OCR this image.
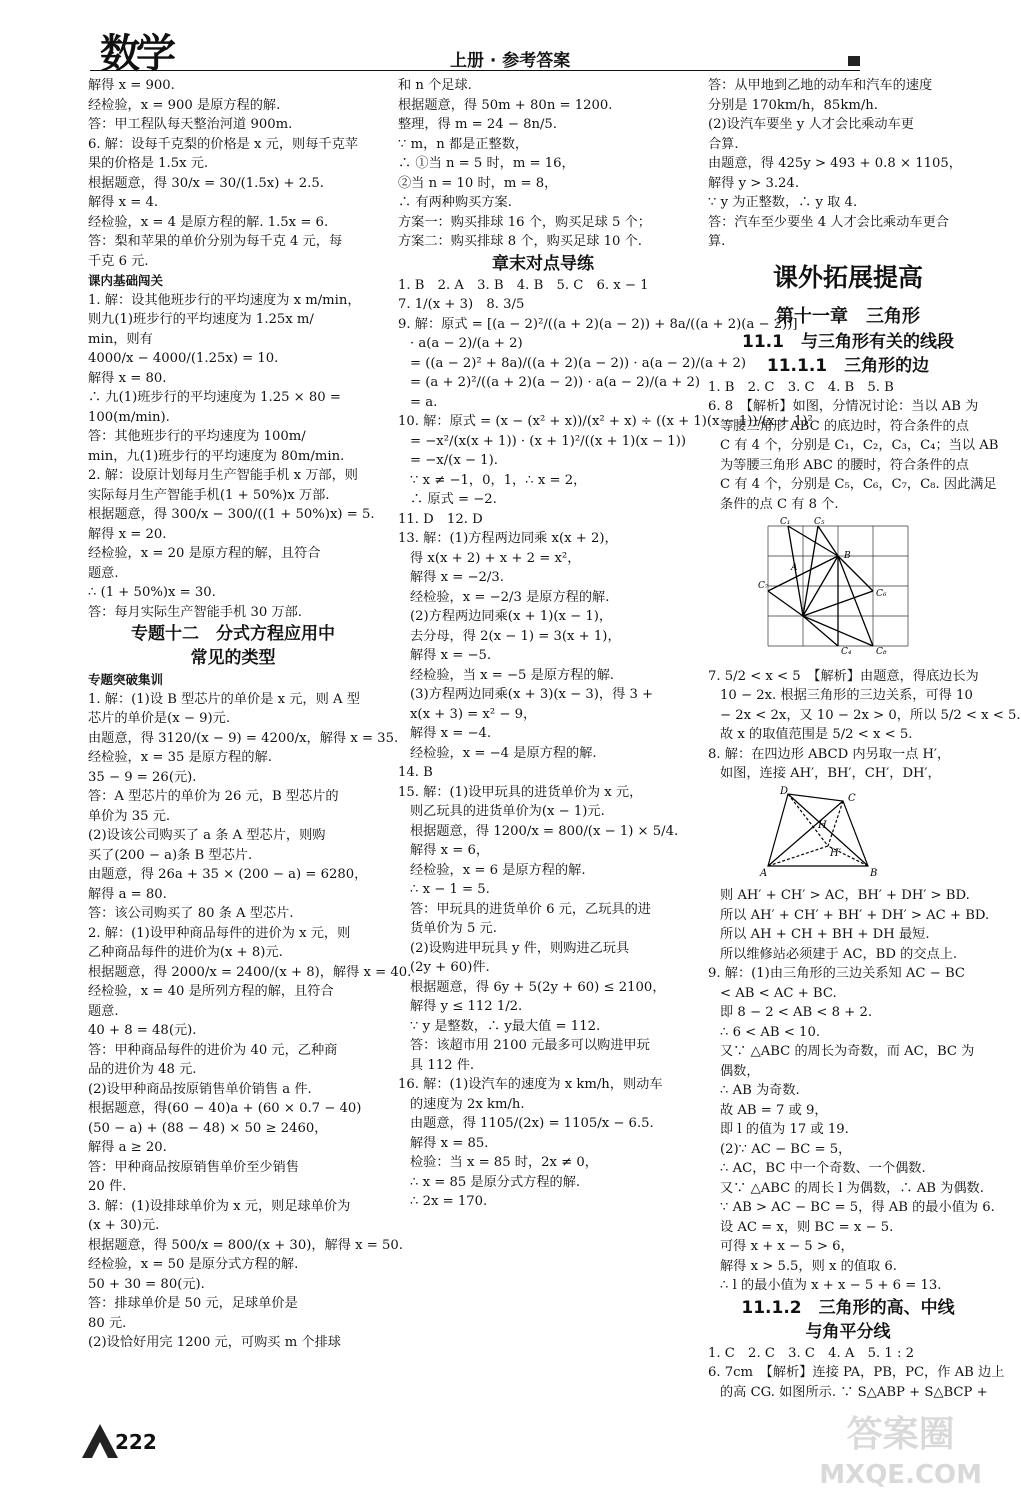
数学	上册 · 参考答案

解得 x = 900.

经检验，x = 900 是原方程的解.

答：甲工程队每天整治河道 900m.

6. 解：设每千克梨的价格是 x 元，则每千克苹

果的价格是 1.5x 元.

根据题意，得 30/x = 30/(1.5x) + 2.5.

解得 x = 4.

经检验，x = 4 是原方程的解. 1.5x = 6.

答：梨和苹果的单价分别为每千克 4 元，每

千克 6 元.

课内基础闯关

1. 解：设其他班步行的平均速度为 x m/min，

则九(1)班步行的平均速度为 1.25x m/

min，则有

4000/x − 4000/(1.25x) = 10.

解得 x = 80.

∴ 九(1)班步行的平均速度为 1.25 × 80 =

100(m/min).

答：其他班步行的平均速度为 100m/

min，九(1)班步行的平均速度为 80m/min.

2. 解：设原计划每月生产智能手机 x 万部，则

实际每月生产智能手机(1 + 50%)x 万部.

根据题意，得 300/x − 300/((1 + 50%)x) = 5.

解得 x = 20.

经检验，x = 20 是原方程的解，且符合

题意.

∴ (1 + 50%)x = 30.

答：每月实际生产智能手机 30 万部.

专题十二　分式方程应用中

常见的类型

专题突破集训

1. 解：(1)设 B 型芯片的单价是 x 元，则 A 型

芯片的单价是(x − 9)元.

由题意，得 3120/(x − 9) = 4200/x，解得 x = 35.

经检验，x = 35 是原方程的解.

35 − 9 = 26(元).

答：A 型芯片的单价为 26 元，B 型芯片的

单价为 35 元.

(2)设该公司购买了 a 条 A 型芯片，则购

买了(200 − a)条 B 型芯片.

由题意，得 26a + 35 × (200 − a) = 6280，

解得 a = 80.

答：该公司购买了 80 条 A 型芯片.

2. 解：(1)设甲种商品每件的进价为 x 元，则

乙种商品每件的进价为(x + 8)元.

根据题意，得 2000/x = 2400/(x + 8)，解得 x = 40.

经检验，x = 40 是所列方程的解，且符合

题意.

40 + 8 = 48(元).

答：甲种商品每件的进价为 40 元，乙种商

品的进价为 48 元.

(2)设甲种商品按原销售单价销售 a 件.

根据题意，得(60 − 40)a + (60 × 0.7 − 40)

(50 − a) + (88 − 48) × 50 ≥ 2460，

解得 a ≥ 20.

答：甲种商品按原销售单价至少销售

20 件.

3. 解：(1)设排球单价为 x 元，则足球单价为

(x + 30)元.

根据题意，得 500/x = 800/(x + 30)，解得 x = 50.

经检验，x = 50 是原分式方程的解.

50 + 30 = 80(元).

答：排球单价是 50 元，足球单价是

80 元.

(2)设恰好用完 1200 元，可购买 m 个排球

和 n 个足球.

根据题意，得 50m + 80n = 1200.

整理，得 m = 24 − 8n/5.

∵ m，n 都是正整数，

∴ ①当 n = 5 时，m = 16，

②当 n = 10 时，m = 8，

∴ 有两种购买方案.

方案一：购买排球 16 个，购买足球 5 个；

方案二：购买排球 8 个，购买足球 10 个.

章末对点导练

1. B　2. A　3. B　4. B　5. C　6. x − 1

7. 1/(x + 3)　8. 3/5

9. 解：原式 = [(a − 2)²/((a + 2)(a − 2)) + 8a/((a + 2)(a − 2))]

· a(a − 2)/(a + 2)

= ((a − 2)² + 8a)/((a + 2)(a − 2)) · a(a − 2)/(a + 2)

= (a + 2)²/((a + 2)(a − 2)) · a(a − 2)/(a + 2)

= a.

10. 解：原式 = (x − (x² + x))/(x² + x) ÷ ((x + 1)(x − 1))/(x + 1)²

= −x²/(x(x + 1)) · (x + 1)²/((x + 1)(x − 1))

= −x/(x − 1).

∵ x ≠ −1，0，1，∴ x = 2，

∴ 原式 = −2.

11. D　12. D

13. 解：(1)方程两边同乘 x(x + 2)，

得 x(x + 2) + x + 2 = x²，

解得 x = −2/3.

经检验，x = −2/3 是原方程的解.

(2)方程两边同乘(x + 1)(x − 1)，

去分母，得 2(x − 1) = 3(x + 1)，

解得 x = −5.

经检验，当 x = −5 是原方程的解.

(3)方程两边同乘(x + 3)(x − 3)，得 3 +

x(x + 3) = x² − 9，

解得 x = −4.

经检验，x = −4 是原方程的解.

14. B

15. 解：(1)设甲玩具的进货单价为 x 元，

则乙玩具的进货单价为(x − 1)元.

根据题意，得 1200/x = 800/(x − 1) × 5/4.

解得 x = 6，

经检验，x = 6 是原方程的解.

∴ x − 1 = 5.

答：甲玩具的进货单价 6 元，乙玩具的进

货单价为 5 元.

(2)设购进甲玩具 y 件，则购进乙玩具

(2y + 60)件.

根据题意，得 6y + 5(2y + 60) ≤ 2100，

解得 y ≤ 112 1/2.

∵ y 是整数，∴ y最大值 = 112.

答：该超市用 2100 元最多可以购进甲玩

具 112 件.

16. 解：(1)设汽车的速度为 x km/h，则动车

的速度为 2x km/h.

由题意，得 1105/(2x) = 1105/x − 6.5.

解得 x = 85.

检验：当 x = 85 时，2x ≠ 0，

∴ x = 85 是原分式方程的解.

∴ 2x = 170.

答：从甲地到乙地的动车和汽车的速度

分别是 170km/h，85km/h.

(2)设汽车要坐 y 人才会比乘动车更

合算.

由题意，得 425y > 493 + 0.8 × 1105，

解得 y > 3.24.

∵ y 为正整数，∴ y 取 4.

答：汽车至少要坐 4 人才会比乘动车更合

算.

课外拓展提高

第十一章　三角形

11.1　与三角形有关的线段

11.1.1　三角形的边

1. B　2. C　3. C　4. B　5. B

6. 8　【解析】如图，分情况讨论：当以 AB 为

等腰三角形 ABC 的底边时，符合条件的点

C 有 4 个，分别是 C₁，C₂，C₃，C₄；当以 AB

为等腰三角形 ABC 的腰时，符合条件的点

C 有 4 个，分别是 C₅，C₆，C₇，C₈. 因此满足

条件的点 C 有 8 个.

A
B
C₁	C₅
C₇
C₆
C₄	C₈

7. 5/2 < x < 5　【解析】由题意，得底边长为

10 − 2x. 根据三角形的三边关系，可得 10

− 2x < 2x，又 10 − 2x > 0，所以 5/2 < x < 5.

故 x 的取值范围是 5/2 < x < 5.

8. 解：在四边形 ABCD 内另取一点 H′，

如图，连接 AH′，BH′，CH′，DH′，

A	B
C
D
H
H′

则 AH′ + CH′ > AC，BH′ + DH′ > BD.

所以 AH′ + CH′ + BH′ + DH′ > AC + BD.

所以 AH + CH + BH + DH 最短.

所以维修站必须建于 AC，BD 的交点上.

9. 解：(1)由三角形的三边关系知 AC − BC

< AB < AC + BC.

即 8 − 2 < AB < 8 + 2.

∴ 6 < AB < 10.

又∵ △ABC 的周长为奇数，而 AC，BC 为

偶数，

∴ AB 为奇数.

故 AB = 7 或 9，

即 l 的值为 17 或 19.

(2)∵ AC − BC = 5，

∴ AC，BC 中一个奇数、一个偶数.

又∵ △ABC 的周长 l 为偶数，∴ AB 为偶数.

∵ AB > AC − BC = 5，得 AB 的最小值为 6.

设 AC = x，则 BC = x − 5.

可得 x + x − 5 > 6，

解得 x > 5.5，则 x 的值取 6.

∴ l 的最小值为 x + x − 5 + 6 = 13.

11.1.2　三角形的高、中线

与角平分线

1. C　2. C　3. C　4. A　5. 1 : 2

6. 7cm　【解析】连接 PA，PB，PC，作 AB 边上

的高 CG. 如图所示. ∵ S△ABP + S△BCP +

222	答案圈
MXQE.COM
